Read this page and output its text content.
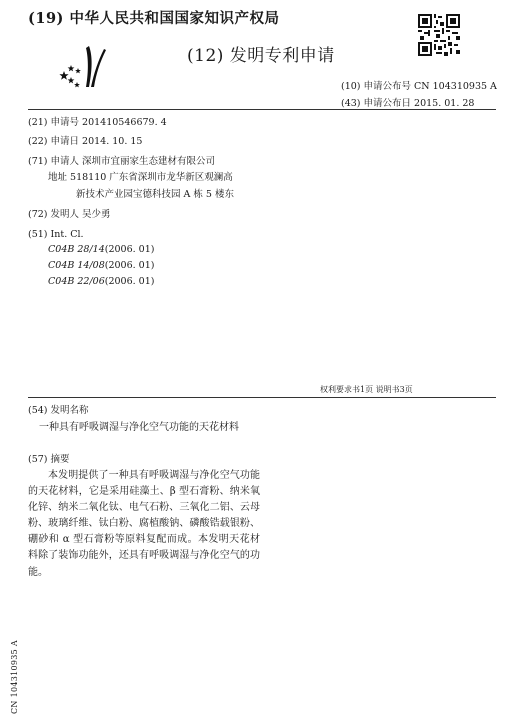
(19) 中华人民共和国国家知识产权局
(12) 发明专利申请
(10) 申请公布号 CN 104310935 A
(43) 申请公布日 2015. 01. 28
(21) 申请号 201410546679. 4
(22) 申请日 2014. 10. 15
(71) 申请人 深圳市宜丽家生态建材有限公司
地址 518110 广东省深圳市龙华新区观澜高
新技术产业园宝德科技园 A 栋 5 楼东
(72) 发明人 吴少勇
(51) Int. Cl.
C04B 28/14(2006. 01)
C04B 14/08(2006. 01)
C04B 22/06(2006. 01)
权利要求书1页 说明书3页
(54) 发明名称
一种具有呼吸调湿与净化空气功能的天花材料
(57) 摘要
本发明提供了一种具有呼吸调湿与净化空气功能的天花材料，它是采用硅藻土、β 型石膏粉、纳米氧化锌、纳米二氧化钛、电气石粉、三氧化二铝、云母粉、玻璃纤维、钛白粉、腐植酸钠、磷酸锆载银粉、硼砂和 α 型石膏粉等原料复配而成。本发明天花材料除了装饰功能外，还具有呼吸调湿与净化空气的功能。
CN 104310935 A
